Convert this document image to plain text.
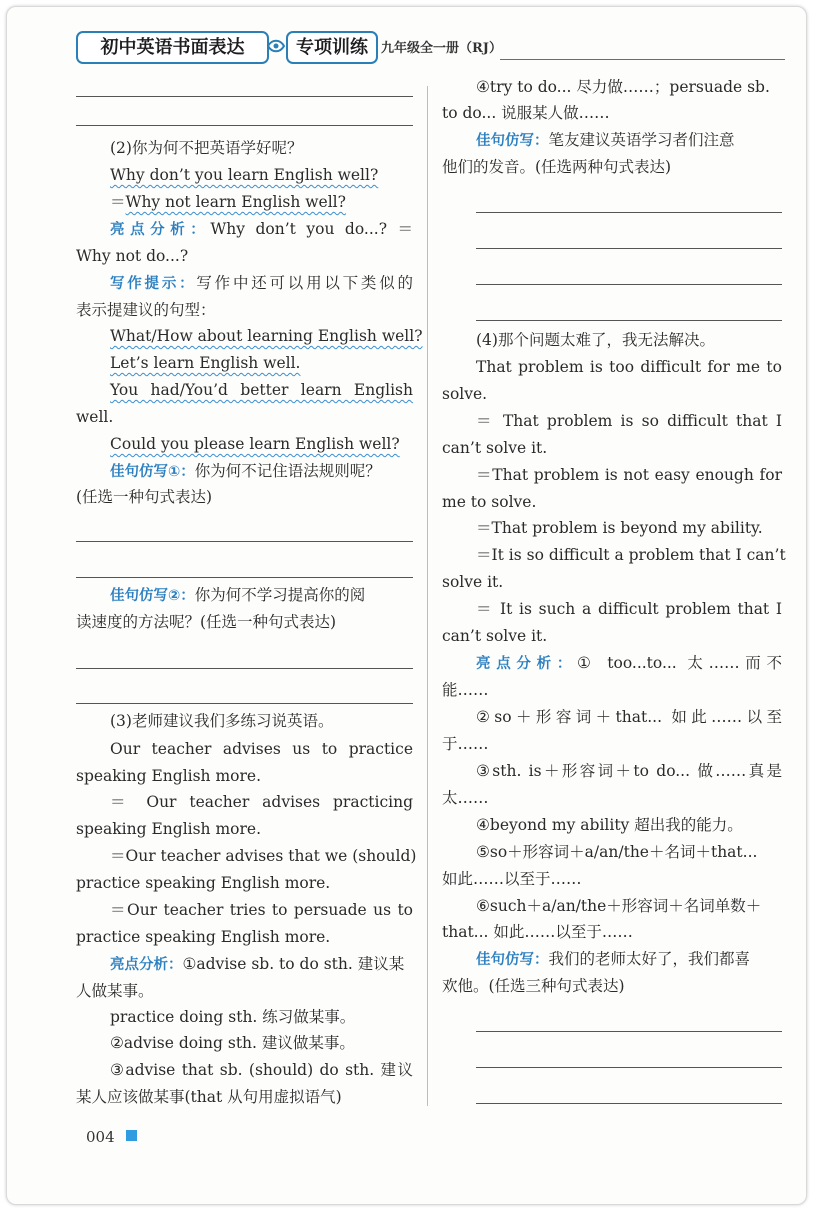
初中英语书面表达	专项训练	九年级全一册（RJ）
(2)你为何不把英语学好呢？
Why don’t you learn English well?
＝Why not learn English well?
亮点分析：Why don’t you do...? ＝
Why not do...?
写作提示：写作中还可以用以下类似的
表示提建议的句型：
What/How about learning English well?
Let’s learn English well.
You had/You’d better learn English
well.
Could you please learn English well?
佳句仿写①：你为何不记住语法规则呢？
(任选一种句式表达)
佳句仿写②：你为何不学习提高你的阅
读速度的方法呢？(任选一种句式表达)
(3)老师建议我们多练习说英语。
Our teacher advises us to practice
speaking English more.
＝ Our teacher advises practicing
speaking English more.
＝Our teacher advises that we (should)
practice speaking English more.
＝Our teacher tries to persuade us to
practice speaking English more.
亮点分析：①advise sb. to do sth. 建议某
人做某事。
practice doing sth. 练习做某事。
②advise doing sth. 建议做某事。
③advise that sb. (should) do sth. 建议
某人应该做某事(that 从句用虚拟语气)
④try to do... 尽力做……；persuade sb.
to do... 说服某人做……
佳句仿写：笔友建议英语学习者们注意
他们的发音。(任选两种句式表达)
(4)那个问题太难了，我无法解决。
That problem is too difficult for me to
solve.
＝ That problem is so difficult that I
can’t solve it.
＝That problem is not easy enough for
me to solve.
＝That problem is beyond my ability.
＝It is so difficult a problem that I can’t
solve it.
＝ It is such a difficult problem that I
can’t solve it.
亮点分析：① too...to... 太……而不
能……
②so＋形容词＋that... 如此……以至
于……
③sth. is＋形容词＋to do... 做……真是
太……
④beyond my ability 超出我的能力。
⑤so＋形容词＋a/an/the＋名词＋that...
如此……以至于……
⑥such＋a/an/the＋形容词＋名词单数＋
that... 如此……以至于……
佳句仿写：我们的老师太好了，我们都喜
欢他。(任选三种句式表达)
004
